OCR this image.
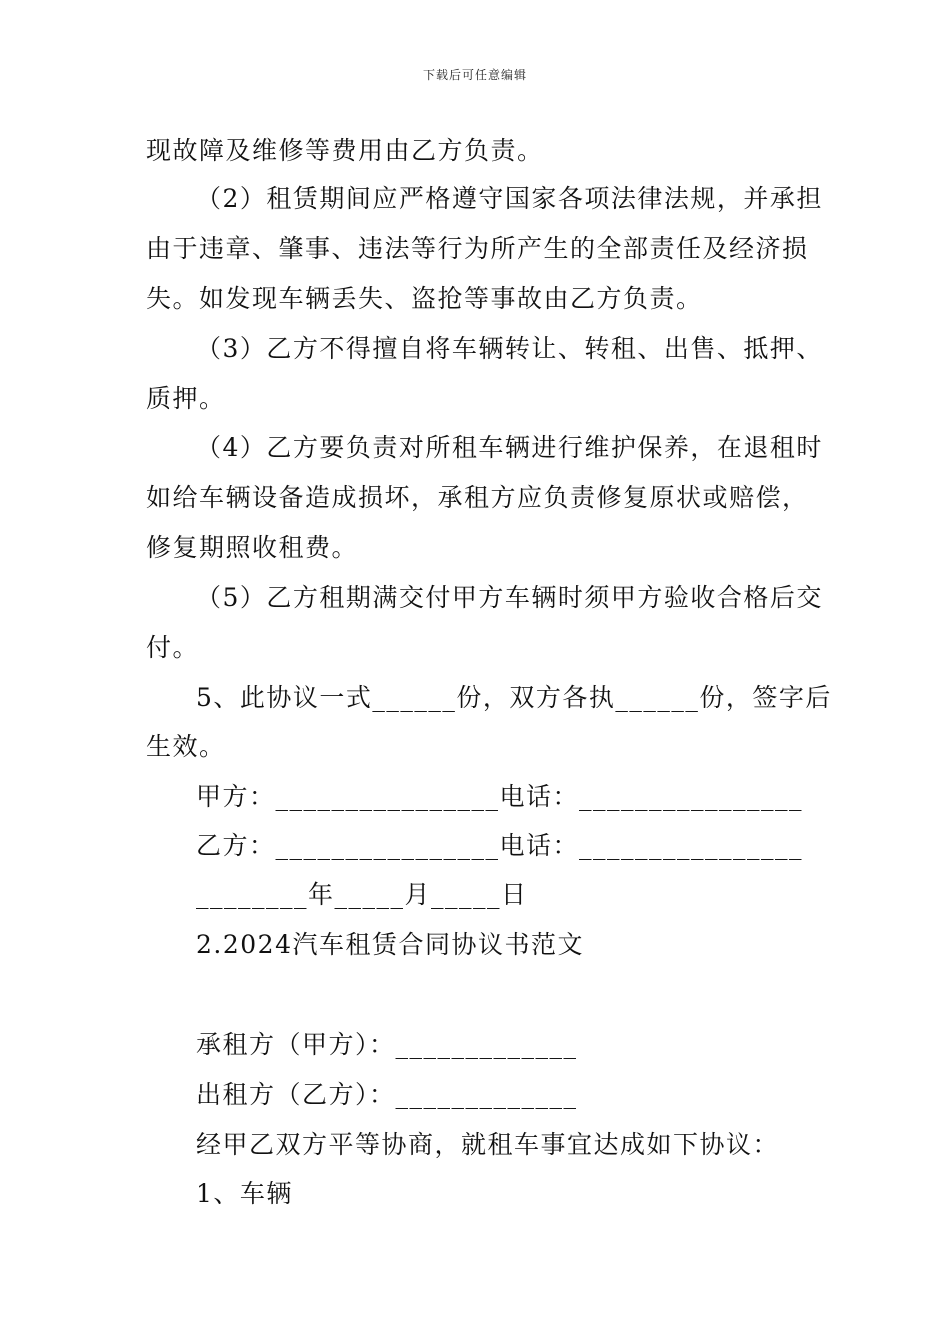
下载后可任意编辑
现故障及维修等费用由乙方负责。
（2）租赁期间应严格遵守国家各项法律法规，并承担
由于违章、肇事、违法等行为所产生的全部责任及经济损
失。如发现车辆丢失、盗抢等事故由乙方负责。
（3）乙方不得擅自将车辆转让、转租、出售、抵押、
质押。
（4）乙方要负责对所租车辆进行维护保养，在退租时
如给车辆设备造成损坏，承租方应负责修复原状或赔偿，
修复期照收租费。
（5）乙方租期满交付甲方车辆时须甲方验收合格后交
付。
5、此协议一式______份，双方各执______份，签字后
生效。
甲方：________________电话：________________
乙方：________________电话：________________
________年_____月_____日
2.2024汽车租赁合同协议书范文
承租方（甲方）：_____________
出租方（乙方）：_____________
经甲乙双方平等协商，就租车事宜达成如下协议：
1、车辆
